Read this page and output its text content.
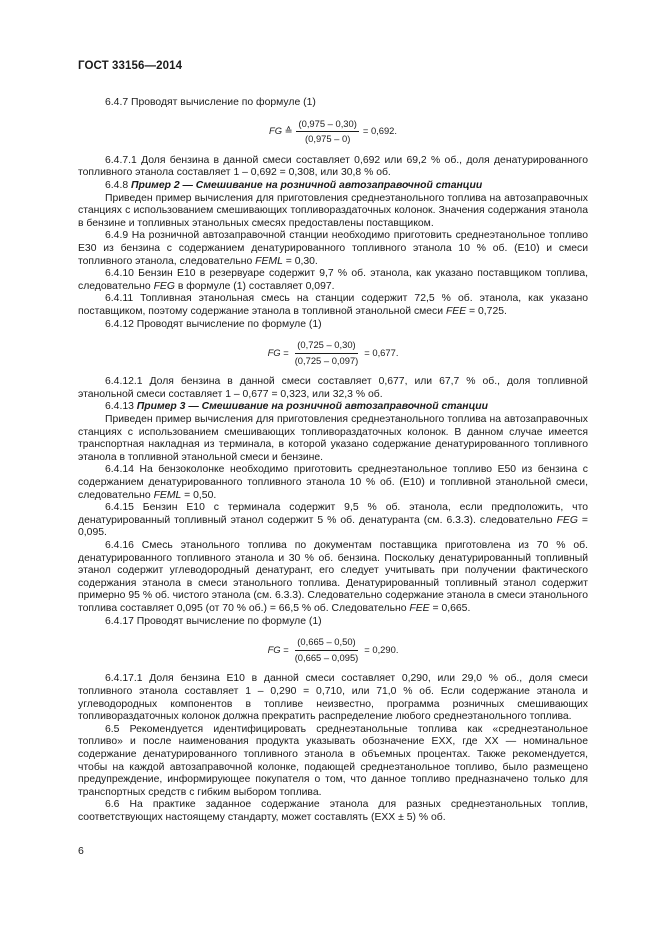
ГОСТ 33156—2014

6.4.7 Проводят вычисление по формуле (1)

FG
≙ $\frac{(0,975 - 0,30)}{(0,975 - 0)} = 0,692$.

6.4.7.1 Доля бензина в данной смеси составляет 0,692 или 69,2 % об., доля денатурированного топливного этанола составляет 1 – 0,692 = 0,308, или 30,8 % об.

6.4.8 Пример 2 — Смешивание на розничной автозаправочной станции

Приведен пример вычисления для приготовления среднеэтанольного топлива на автозаправочных станциях с использованием смешивающих топливораздаточных колонок. Значения содержания этанола в бензине и топливных этанольных смесях предоставлены поставщиком.

6.4.9 На розничной автозаправочной станции необходимо приготовить среднеэтанольное топливо Е30 из бензина с содержанием денатурированного топливного этанола 10 % об. (Е10) и смеси топливного этанола, следовательно FEML = 0,30.

6.4.10 Бензин Е10 в резервуаре содержит 9,7 % об. этанола, как указано поставщиком топлива, следовательно FEG в формуле (1) составляет 0,097.

6.4.11 Топливная этанольная смесь на станции содержит 72,5 % об. этанола, как указано поставщиком, поэтому содержание этанола в топливной этанольной смеси FEE = 0,725.

6.4.12 Проводят вычисление по формуле (1)

FG
= $\frac{(0,725 - 0,30)}{(0,725 - 0,097)} = 0,677$.

6.4.12.1 Доля бензина в данной смеси составляет 0,677, или 67,7 % об., доля топливной этанольной смеси составляет 1 – 0,677 = 0,323, или 32,3 % об.

6.4.13 Пример 3 — Смешивание на розничной автозаправочной станции

Приведен пример вычисления для приготовления среднеэтанольного топлива на автозаправочных станциях с использованием смешивающих топливораздаточных колонок. В данном случае имеется транспортная накладная из терминала, в которой указано содержание денатурированного топливного этанола в топливной этанольной смеси и бензине.

6.4.14 На бензоколонке необходимо приготовить среднеэтанольное топливо Е50 из бензина с содержанием денатурированного топливного этанола 10 % об. (Е10) и топливной этанольной смеси, следовательно FEML = 0,50.

6.4.15 Бензин Е10 с терминала содержит 9,5 % об. этанола, если предположить, что денатурированный топливный этанол содержит 5 % об. денатуранта (см. 6.3.3). следовательно FEG = 0,095.

6.4.16 Смесь этанольного топлива по документам поставщика приготовлена из 70 % об. денатурированного топливного этанола и 30 % об. бензина. Поскольку денатурированный топливный этанол содержит углеводородный денатурант, его следует учитывать при получении фактического содержания этанола в смеси этанольного топлива. Денатурированный топливный этанол содержит примерно 95 % об. чистого этанола (см. 6.3.3). Следовательно содержание этанола в смеси этанольного топлива составляет 0,095 (от 70 % об.) = 66,5 % об. Следовательно FEE = 0,665.

6.4.17 Проводят вычисление по формуле (1)

FG
= $\frac{(0,665 - 0,50)}{(0,665 - 0,095)} = 0,290$.

6.4.17.1 Доля бензина Е10 в данной смеси составляет 0,290, или 29,0 % об., доля смеси топливного этанола составляет 1 – 0,290 = 0,710, или 71,0 % об. Если содержание этанола и углеводородных компонентов в топливе неизвестно, программа розничных смешивающих топливораздаточных колонок должна прекратить распределение любого среднеэтанольного топлива.

6.5 Рекомендуется идентифицировать среднеэтанольные топлива как «среднеэтанольное топливо» и после наименования продукта указывать обозначение ЕXX, где ХХ — номинальное содержание денатурированного топливного этанола в объемных процентах. Также рекомендуется, чтобы на каждой автозаправочной колонке, подающей среднеэтанольное топливо, было размещено предупреждение, информирующее покупателя о том, что данное топливо предназначено только для транспортных средств с гибким выбором топлива.

6.6 На практике заданное содержание этанола для разных среднеэтанольных топлив, соответствующих настоящему стандарту, может составлять (ЕXX ± 5) % об.

6
